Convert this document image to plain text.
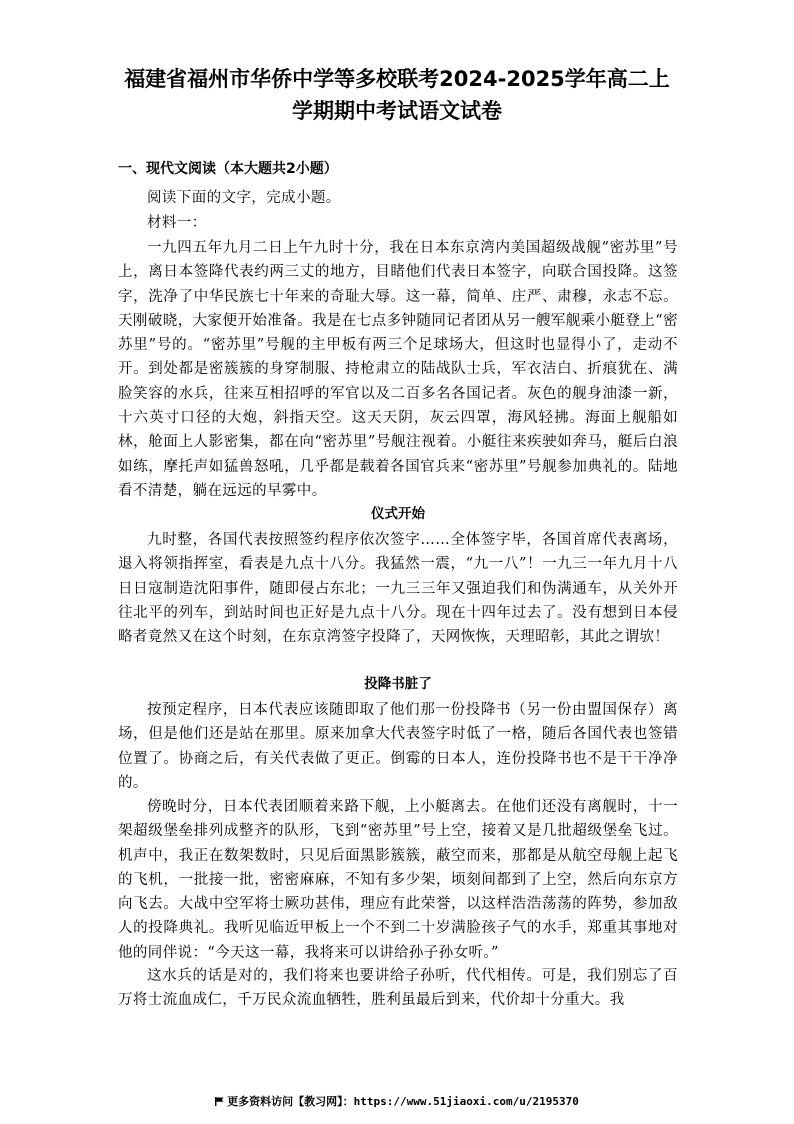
福建省福州市华侨中学等多校联考2024-2025学年高二上
学期期中考试语文试卷
一、现代文阅读（本大题共2小题）
阅读下面的文字，完成小题。
材料一：
一九四五年九月二日上午九时十分，我在日本东京湾内美国超级战舰“密苏里”号上，离日本签降代表约两三丈的地方，目睹他们代表日本签字，向联合国投降。这签字，洗净了中华民族七十年来的奇耻大辱。这一幕，简单、庄严、肃穆，永志不忘。天刚破晓，大家便开始准备。我是在七点多钟随同记者团从另一艘军舰乘小艇登上“密苏里”号的。“密苏里”号舰的主甲板有两三个足球场大，但这时也显得小了，走动不开。到处都是密簇簇的身穿制服、持枪肃立的陆战队士兵，军衣洁白、折痕犹在、满脸笑容的水兵，往来互相招呼的军官以及二百多名各国记者。灰色的舰身油漆一新，十六英寸口径的大炮，斜指天空。这天天阴，灰云四罩，海风轻拂。海面上舰船如林，舱面上人影密集，都在向“密苏里”号舰注视着。小艇往来疾驶如奔马，艇后白浪如练，摩托声如猛兽怒吼，几乎都是载着各国官兵来“密苏里”号舰参加典礼的。陆地看不清楚，躺在远远的早雾中。
仪式开始
九时整，各国代表按照签约程序依次签字……全体签字毕，各国首席代表离场，退入将领指挥室，看表是九点十八分。我猛然一震，“九一八”！一九三一年九月十八日日寇制造沈阳事件，随即侵占东北；一九三三年又强迫我们和伪满通车，从关外开往北平的列车，到站时间也正好是九点十八分。现在十四年过去了。没有想到日本侵略者竟然又在这个时刻，在东京湾签字投降了，天网恢恢，天理昭彰，其此之谓欤！
投降书脏了
按预定程序，日本代表应该随即取了他们那一份投降书（另一份由盟国保存）离场，但是他们还是站在那里。原来加拿大代表签字时低了一格，随后各国代表也签错位置了。协商之后，有关代表做了更正。倒霉的日本人，连份投降书也不是干干净净的。
傍晚时分，日本代表团顺着来路下舰，上小艇离去。在他们还没有离舰时，十一架超级堡垒排列成整齐的队形，飞到“密苏里”号上空，接着又是几批超级堡垒飞过。机声中，我正在数架数时，只见后面黑影簇簇，蔽空而来，那都是从航空母舰上起飞的飞机，一批接一批，密密麻麻，不知有多少架，顷刻间都到了上空，然后向东京方向飞去。大战中空军将士厥功甚伟，理应有此荣誉，以这样浩浩荡荡的阵势，参加敌人的投降典礼。我听见临近甲板上一个不到二十岁满脸孩子气的水手，郑重其事地对他的同伴说：“今天这一幕，我将来可以讲给孙子孙女听。”
这水兵的话是对的，我们将来也要讲给子孙听，代代相传。可是，我们别忘了百万将士流血成仁，千万民众流血牺牲，胜利虽最后到来，代价却十分重大。我
更多资料访问【教习网】：https://www.51jiaoxi.com/u/2195370
